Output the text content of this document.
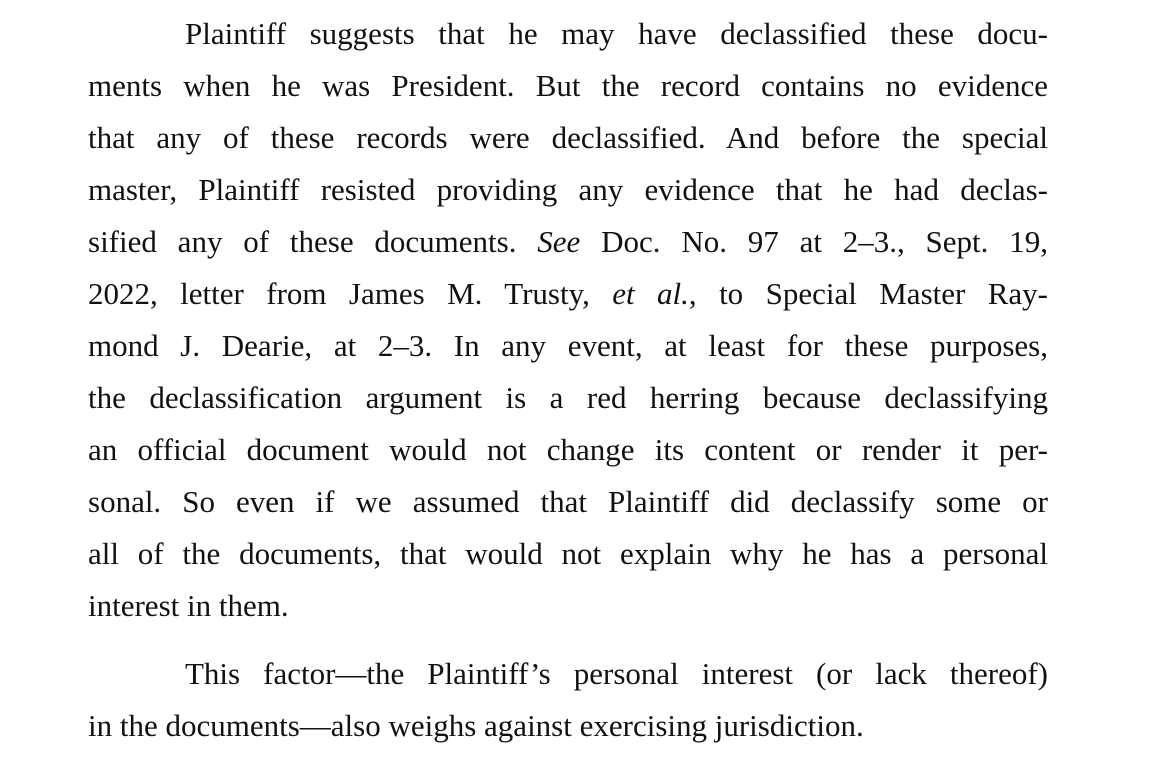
Plaintiff suggests that he may have declassified these docu-
ments when he was President. But the record contains no evidence
that any of these records were declassified. And before the special
master, Plaintiff resisted providing any evidence that he had declas-
sified any of these documents. See Doc. No. 97 at 2–3., Sept. 19,
2022, letter from James M. Trusty, et al., to Special Master Ray-
mond J. Dearie, at 2–3. In any event, at least for these purposes,
the declassification argument is a red herring because declassifying
an official document would not change its content or render it per-
sonal. So even if we assumed that Plaintiff did declassify some or
all of the documents, that would not explain why he has a personal
interest in them.
This factor—the Plaintiff’s personal interest (or lack thereof)
in the documents—also weighs against exercising jurisdiction.
